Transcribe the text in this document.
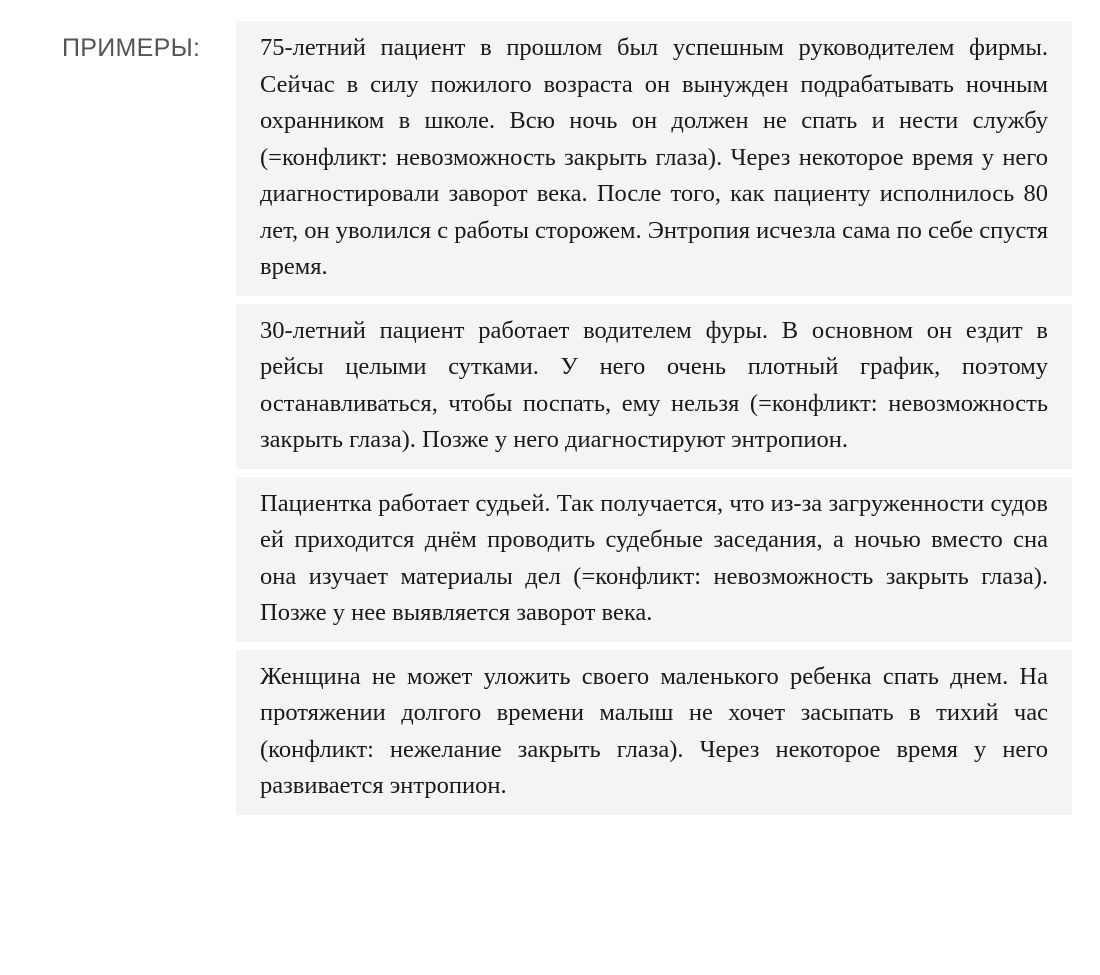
ПРИМЕРЫ: 75-летний пациент в прошлом был успешным руководителем фирмы. Сейчас в силу пожилого возраста он вынужден подрабатывать ночным охранником в школе. Всю ночь он должен не спать и нести службу (=конфликт: невозможность закрыть глаза). Через некоторое время у него диагностировали заворот века. После того, как пациенту исполнилось 80 лет, он уволился с работы сторожем. Энтропия исчезла сама по себе спустя время.

30-летний пациент работает водителем фуры. В основном он ездит в рейсы целыми сутками. У него очень плотный график, поэтому останавливаться, чтобы поспать, ему нельзя (=конфликт: невозможность закрыть глаза). Позже у него диагностируют энтропион.

Пациентка работает судьей. Так получается, что из-за загруженности судов ей приходится днём проводить судебные заседания, а ночью вместо сна она изучает материалы дел (=конфликт: невозможность закрыть глаза). Позже у нее выявляется заворот века.

Женщина не может уложить своего маленького ребенка спать днем. На протяжении долгого времени малыш не хочет засыпать в тихий час (конфликт: нежелание закрыть глаза). Через некоторое время у него развивается энтропион.
